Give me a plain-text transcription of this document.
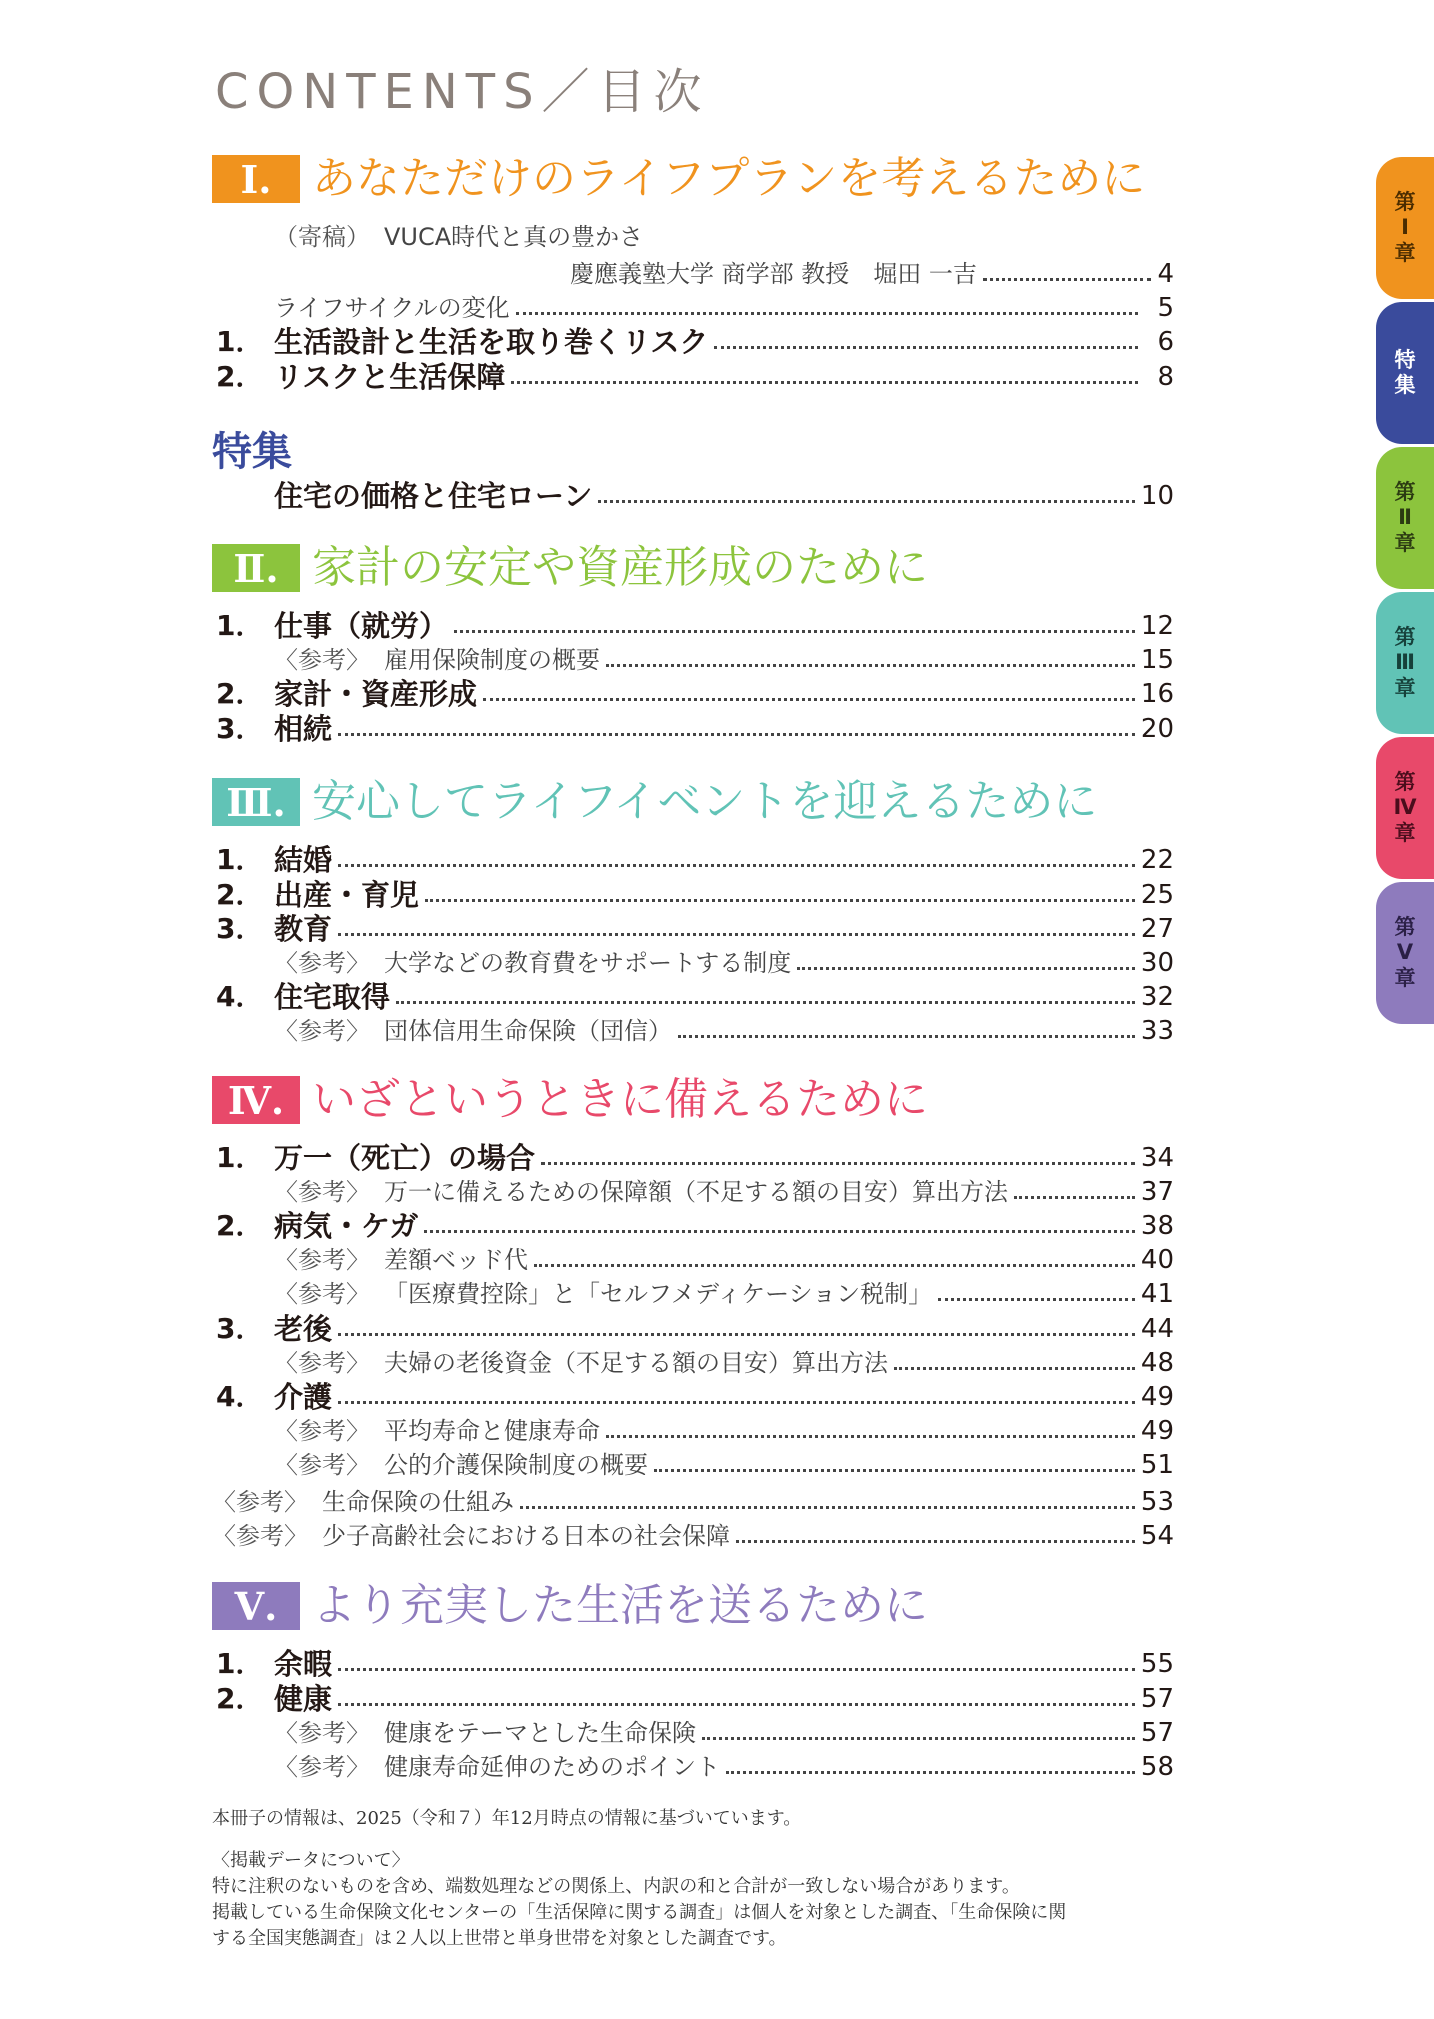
CONTENTS／目次
Ⅰ. あなただけのライフプランを考えるために
（寄稿） VUCA時代と真の豊かさ
慶應義塾大学 商学部 教授　堀田 一吉	4
ライフサイクルの変化	5
1． 生活設計と生活を取り巻くリスク	6
2． リスクと生活保障	8
特集
住宅の価格と住宅ローン	10
Ⅱ. 家計の安定や資産形成のために
1． 仕事（就労）	12
〈参考〉 雇用保険制度の概要	15
2． 家計・資産形成	16
3． 相続	20
Ⅲ. 安心してライフイベントを迎えるために
1． 結婚	22
2． 出産・育児	25
3． 教育	27
〈参考〉 大学などの教育費をサポートする制度	30
4． 住宅取得	32
〈参考〉 団体信用生命保険（団信）	33
Ⅳ. いざというときに備えるために
1． 万一（死亡）の場合	34
〈参考〉 万一に備えるための保障額（不足する額の目安）算出方法	37
2． 病気・ケガ	38
〈参考〉 差額ベッド代	40
〈参考〉 「医療費控除」と「セルフメディケーション税制」	41
3． 老後	44
〈参考〉 夫婦の老後資金（不足する額の目安）算出方法	48
4． 介護	49
〈参考〉 平均寿命と健康寿命	49
〈参考〉 公的介護保険制度の概要	51
〈参考〉 生命保険の仕組み	53
〈参考〉 少子高齢社会における日本の社会保障	54
Ⅴ. より充実した生活を送るために
1． 余暇	55
2． 健康	57
〈参考〉 健康をテーマとした生命保険	57
〈参考〉 健康寿命延伸のためのポイント	58
本冊子の情報は、2025（令和７）年12月時点の情報に基づいています。
〈掲載データについて〉
特に注釈のないものを含め、端数処理などの関係上、内訳の和と合計が一致しない場合があります。
掲載している生命保険文化センターの「生活保障に関する調査」は個人を対象とした調査、「生命保険に関
する全国実態調査」は２人以上世帯と単身世帯を対象とした調査です。
第
Ⅰ
章
特
集
第
Ⅱ
章
第
Ⅲ
章
第
Ⅳ
章
第
Ⅴ
章
